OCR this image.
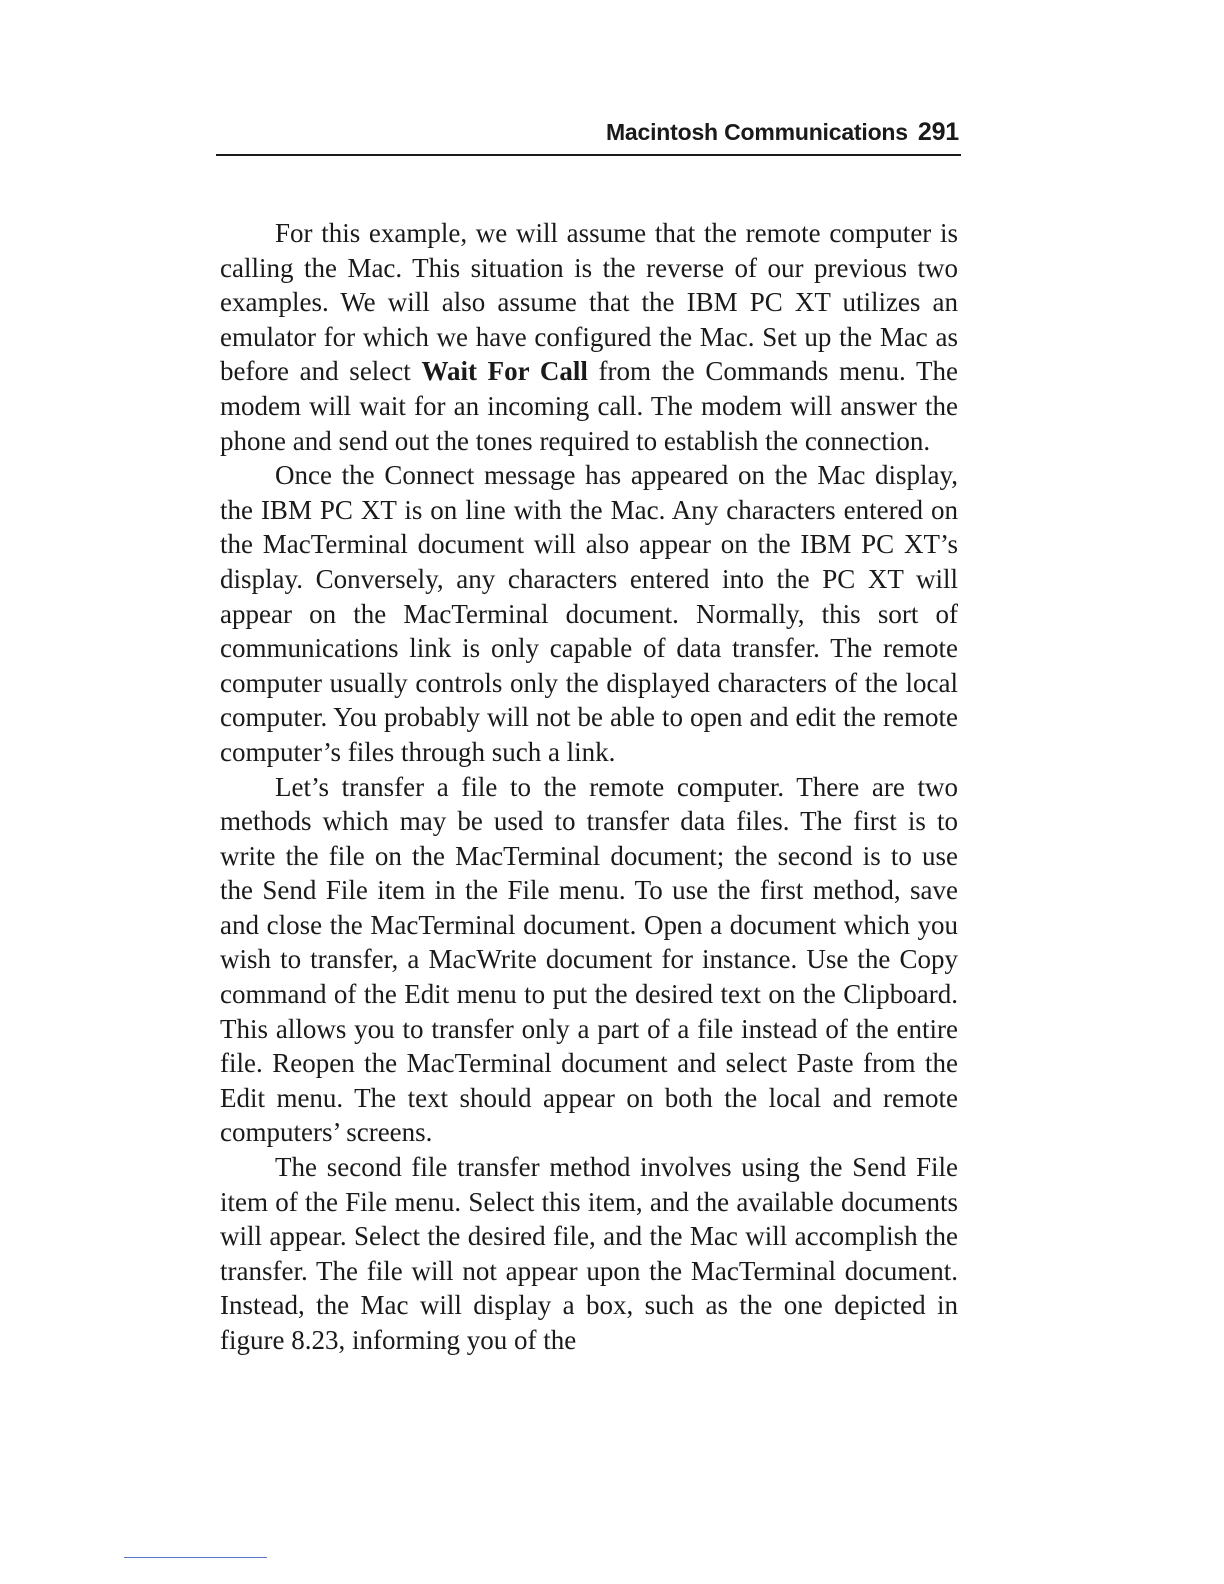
Macintosh Communications 291

For this example, we will assume that the remote computer is calling the Mac. This situation is the reverse of our previous two examples. We will also assume that the IBM PC XT utilizes an emulator for which we have configured the Mac. Set up the Mac as before and select Wait For Call from the Commands menu. The modem will wait for an incoming call. The modem will answer the phone and send out the tones required to establish the connection.

Once the Connect message has appeared on the Mac display, the IBM PC XT is on line with the Mac. Any characters entered on the MacTerminal document will also appear on the IBM PC XT’s display. Conversely, any characters entered into the PC XT will appear on the MacTerminal document. Normally, this sort of communications link is only capable of data transfer. The remote computer usually controls only the displayed characters of the local computer. You probably will not be able to open and edit the remote computer’s files through such a link.

Let’s transfer a file to the remote computer. There are two methods which may be used to transfer data files. The first is to write the file on the MacTerminal document; the second is to use the Send File item in the File menu. To use the first method, save and close the MacTerminal document. Open a document which you wish to transfer, a MacWrite document for instance. Use the Copy command of the Edit menu to put the desired text on the Clipboard. This allows you to transfer only a part of a file instead of the entire file. Reopen the MacTerminal document and select Paste from the Edit menu. The text should appear on both the local and remote computers’ screens.

The second file transfer method involves using the Send File item of the File menu. Select this item, and the available documents will appear. Select the desired file, and the Mac will accomplish the transfer. The file will not appear upon the MacTerminal document. Instead, the Mac will display a box, such as the one depicted in figure 8.23, informing you of the
